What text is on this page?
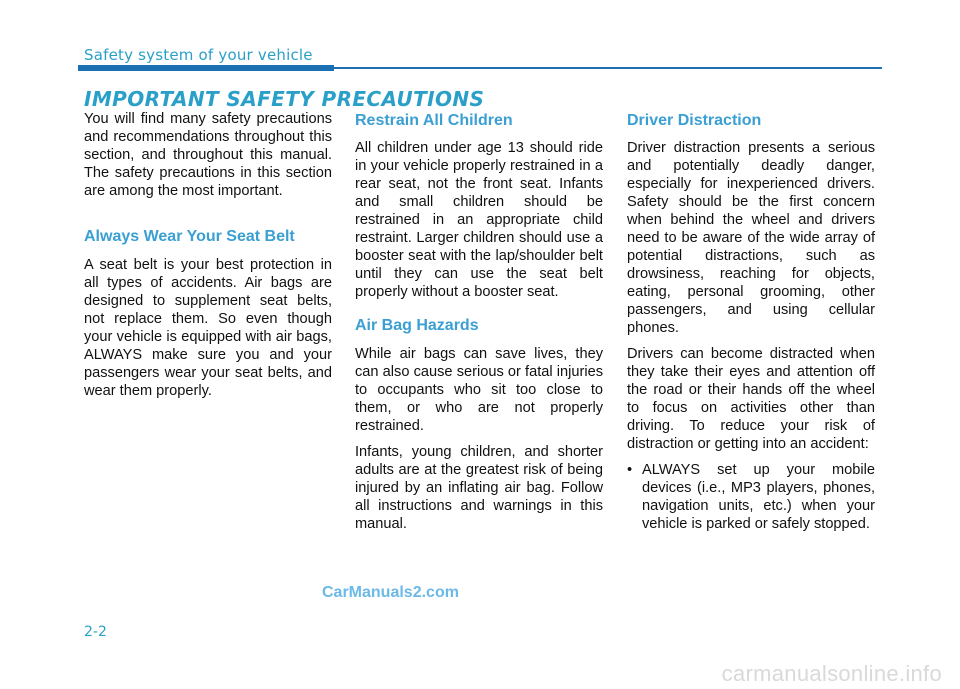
Safety system of your vehicle
IMPORTANT SAFETY PRECAUTIONS

You will find many safety precautions and recommendations throughout this section, and throughout this manual. The safety precautions in this section are among the most important.

Always Wear Your Seat Belt

A seat belt is your best protection in all types of accidents. Air bags are designed to supplement seat belts, not replace them. So even though your vehicle is equipped with air bags, ALWAYS make sure you and your passengers wear your seat belts, and wear them properly.

Restrain All Children

All children under age 13 should ride in your vehicle properly restrained in a rear seat, not the front seat. Infants and small children should be restrained in an appropriate child restraint. Larger children should use a booster seat with the lap/shoulder belt until they can use the seat belt properly without a booster seat.

Air Bag Hazards

While air bags can save lives, they can also cause serious or fatal injuries to occupants who sit too close to them, or who are not properly restrained.

Infants, young children, and shorter adults are at the greatest risk of being injured by an inflating air bag. Follow all instructions and warnings in this manual.

Driver Distraction

Driver distraction presents a serious and potentially deadly danger, especially for inexperienced drivers. Safety should be the first concern when behind the wheel and drivers need to be aware of the wide array of potential distractions, such as drowsiness, reaching for objects, eating, personal grooming, other passengers, and using cellular phones.

Drivers can become distracted when they take their eyes and attention off the road or their hands off the wheel to focus on activities other than driving. To reduce your risk of distraction or getting into an accident:

• ALWAYS set up your mobile devices (i.e., MP3 players, phones, navigation units, etc.) when your vehicle is parked or safely stopped.

CarManuals2.com
2-2
carmanualsonline.info
